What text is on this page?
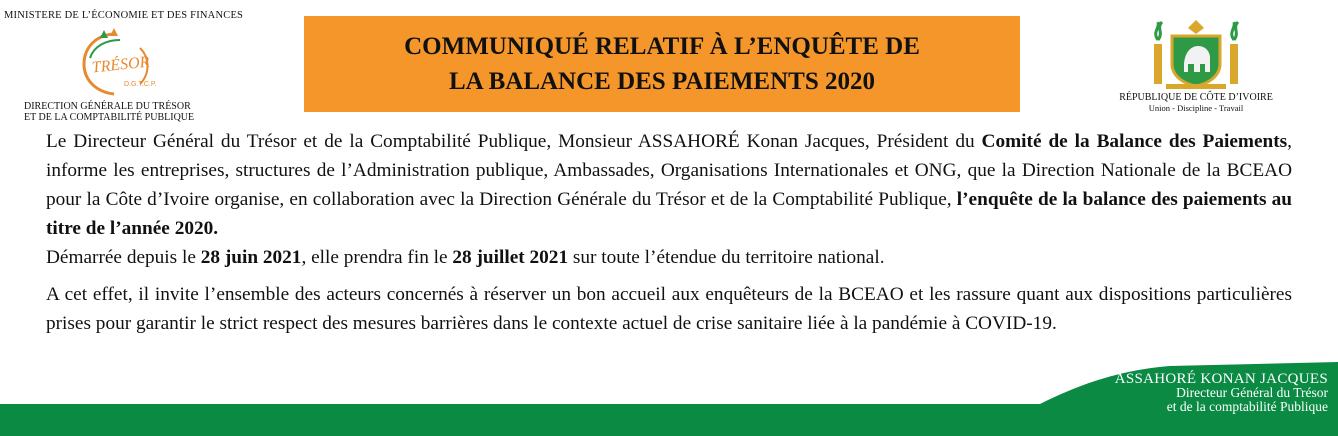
MINISTERE DE L’ÉCONOMIE ET DES FINANCES
TRÉSOR
D.G.T.C.P.
DIRECTION GÉNÉRALE DU TRÉSOR
ET DE LA COMPTABILITÉ PUBLIQUE
COMMUNIQUÉ RELATIF À L’ENQUÊTE DE
LA BALANCE DES PAIEMENTS 2020
RÉPUBLIQUE DE CÔTE D’IVOIRE
Union - Discipline - Travail

Le Directeur Général du Trésor et de la Comptabilité Publique, Monsieur ASSAHORÉ Konan Jacques, Président du Comité de la Balance des Paiements, informe les entreprises, structures de l’Administration publique, Ambassades, Organisations Internationales et ONG, que la Direction Nationale de la BCEAO pour la Côte d’Ivoire organise, en collaboration avec la Direction Générale du Trésor et de la Comptabilité Publique, l’enquête de la balance des paiements au titre de l’année 2020.

Démarrée depuis le 28 juin 2021, elle prendra fin le 28 juillet 2021 sur toute l’étendue du territoire national.

A cet effet, il invite l’ensemble des acteurs concernés à réserver un bon accueil aux enquêteurs de la BCEAO et les rassure quant aux dispositions particulières prises pour garantir le strict respect des mesures barrières dans le contexte actuel de crise sanitaire liée à la pandémie à COVID-19.

ASSAHORÉ KONAN JACQUES
Directeur Général du Trésor
et de la comptabilité Publique
